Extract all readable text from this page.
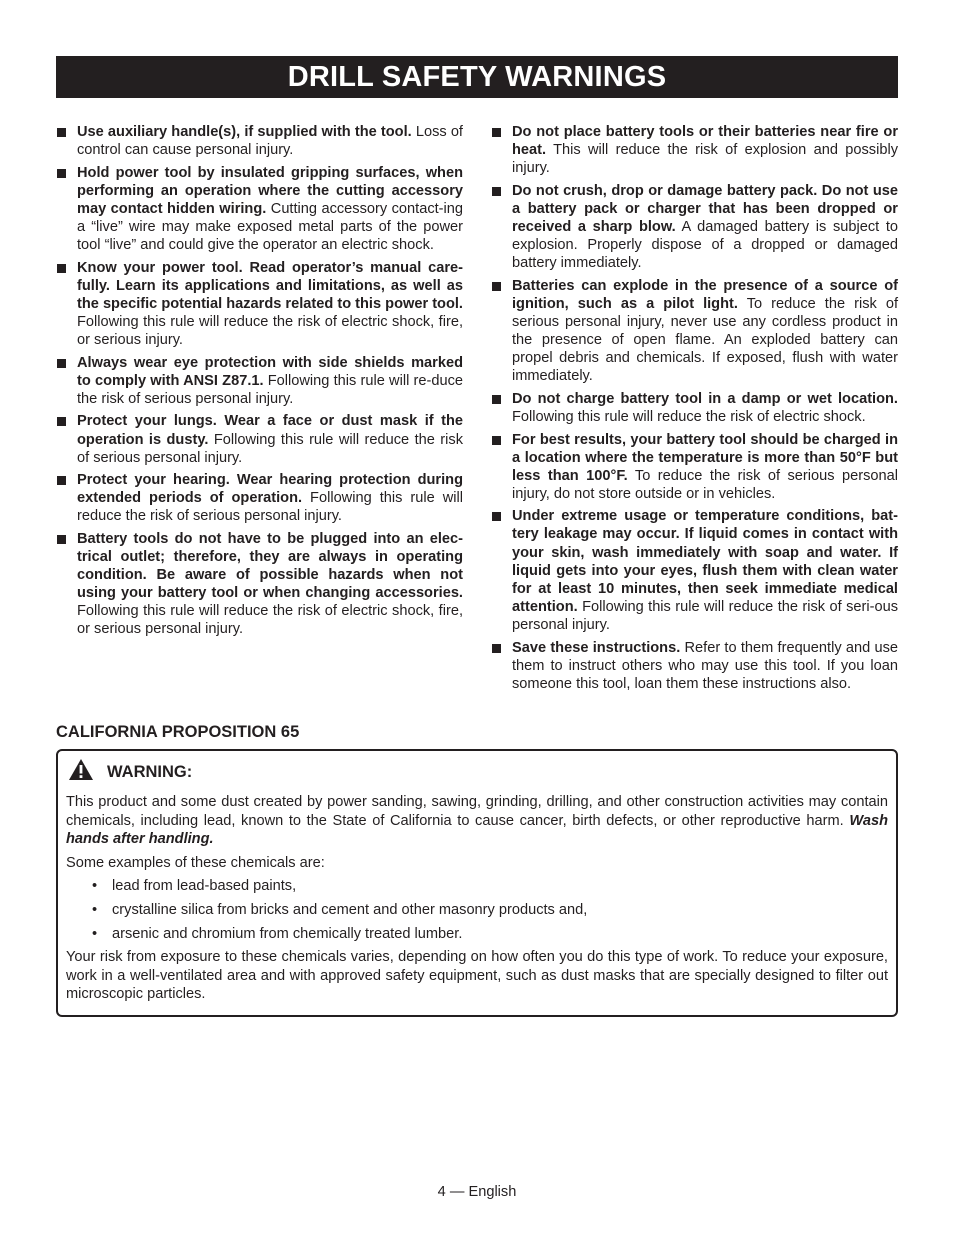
DRILL SAFETY WARNINGS
Use auxiliary handle(s), if supplied with the tool. Loss of control can cause personal injury.
Hold power tool by insulated gripping surfaces, when performing an operation where the cutting accessory may contact hidden wiring. Cutting accessory contact-ing a “live” wire may make exposed metal parts of the power tool “live” and could give the operator an electric shock.
Know your power tool. Read operator’s manual care-fully. Learn its applications and limitations, as well as the specific potential hazards related to this power tool. Following this rule will reduce the risk of electric shock, fire, or serious injury.
Always wear eye protection with side shields marked to comply with ANSI Z87.1. Following this rule will re-duce the risk of serious personal injury.
Protect your lungs. Wear a face or dust mask if the operation is dusty. Following this rule will reduce the risk of serious personal injury.
Protect your hearing. Wear hearing protection during extended periods of operation. Following this rule will reduce the risk of serious personal injury.
Battery tools do not have to be plugged into an elec-trical outlet; therefore, they are always in operating condition. Be aware of possible hazards when not using your battery tool or when changing accessories. Following this rule will reduce the risk of electric shock, fire, or serious personal injury.
Do not place battery tools or their batteries near fire or heat. This will reduce the risk of explosion and possibly injury.
Do not crush, drop or damage battery pack. Do not use a battery pack or charger that has been dropped or received a sharp blow. A damaged battery is subject to explosion. Properly dispose of a dropped or damaged battery immediately.
Batteries can explode in the presence of a source of ignition, such as a pilot light. To reduce the risk of serious personal injury, never use any cordless product in the presence of open flame. An exploded battery can propel debris and chemicals. If exposed, flush with water immediately.
Do not charge battery tool in a damp or wet location. Following this rule will reduce the risk of electric shock.
For best results, your battery tool should be charged in a location where the temperature is more than 50°F but less than 100°F. To reduce the risk of serious personal injury, do not store outside or in vehicles.
Under extreme usage or temperature conditions, bat-tery leakage may occur. If liquid comes in contact with your skin, wash immediately with soap and water. If liquid gets into your eyes, flush them with clean water for at least 10 minutes, then seek immediate medical attention. Following this rule will reduce the risk of seri-ous personal injury.
Save these instructions. Refer to them frequently and use them to instruct others who may use this tool. If you loan someone this tool, loan them these instructions also.
CALIFORNIA PROPOSITION 65
WARNING:

This product and some dust created by power sanding, sawing, grinding, drilling, and other construction activities may contain chemicals, including lead, known to the State of California to cause cancer, birth defects, or other reproductive harm. Wash hands after handling.

Some examples of these chemicals are:

• lead from lead-based paints,
• crystalline silica from bricks and cement and other masonry products and,
• arsenic and chromium from chemically treated lumber.

Your risk from exposure to these chemicals varies, depending on how often you do this type of work. To reduce your exposure, work in a well-ventilated area and with approved safety equipment, such as dust masks that are specially designed to filter out microscopic particles.

4 — English
